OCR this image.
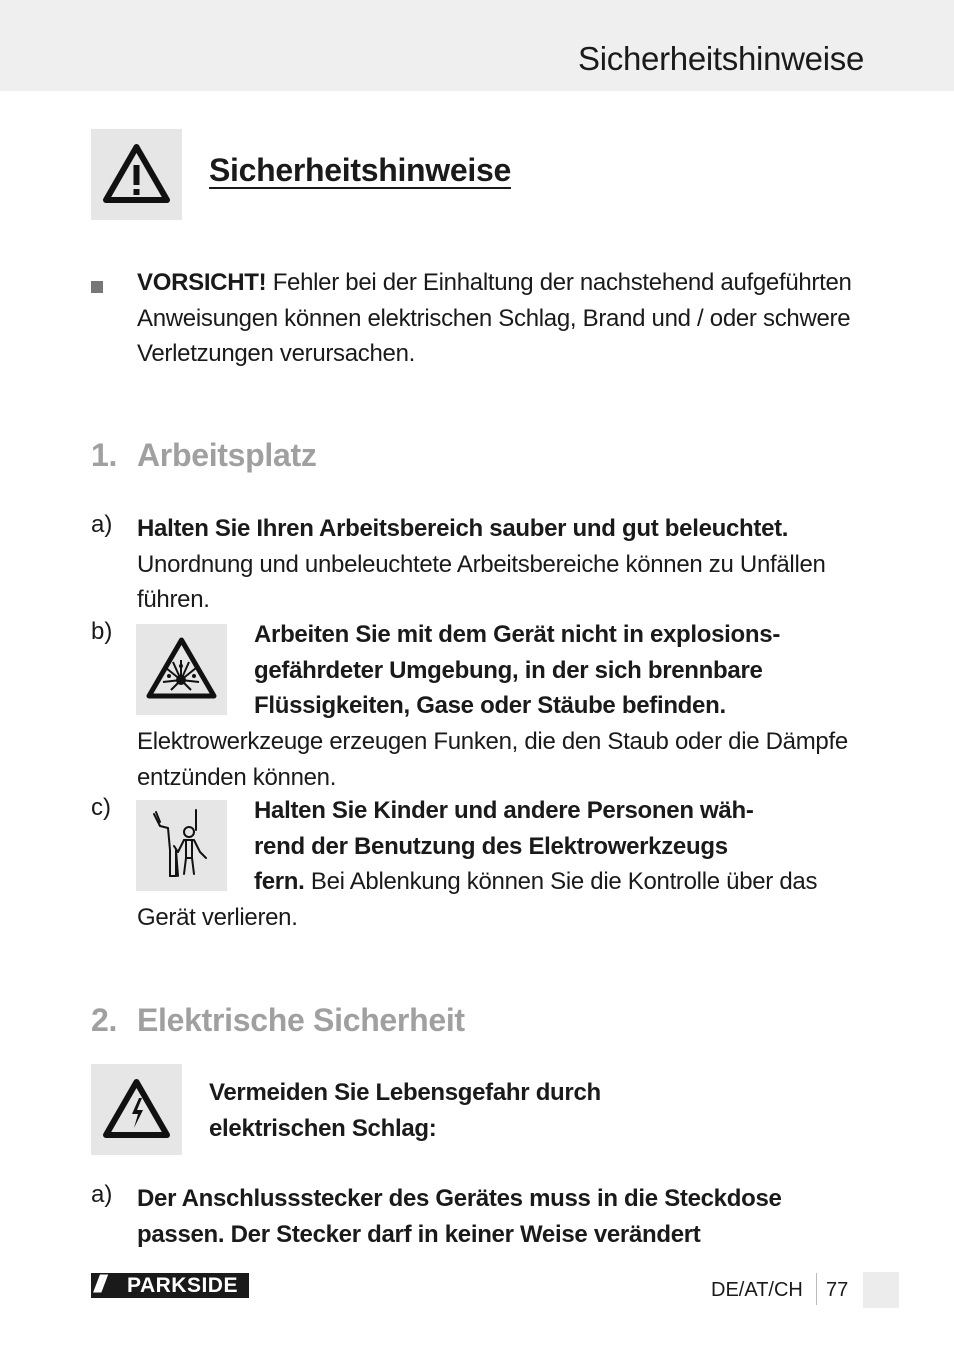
Sicherheitshinweise
Sicherheitshinweise
VORSICHT! Fehler bei der Einhaltung der nachstehend aufgeführten
Anweisungen können elektrischen Schlag, Brand und / oder schwere
Verletzungen verursachen.
1. Arbeitsplatz
a) Halten Sie Ihren Arbeitsbereich sauber und gut beleuchtet.
Unordnung und unbeleuchtete Arbeitsbereiche können zu Unfällen
führen.
b)	Arbeiten Sie mit dem Gerät nicht in explosions-
gefährdeter Umgebung, in der sich brennbare
Flüssigkeiten, Gase oder Stäube befinden.
Elektrowerkzeuge erzeugen Funken, die den Staub oder die Dämpfe
entzünden können.
c)	Halten Sie Kinder und andere Personen wäh-
rend der Benutzung des Elektrowerkzeugs
fern. Bei Ablenkung können Sie die Kontrolle über das
Gerät verlieren.
2. Elektrische Sicherheit
Vermeiden Sie Lebensgefahr durch
elektrischen Schlag:
a) Der Anschlussstecker des Gerätes muss in die Steckdose
passen. Der Stecker darf in keiner Weise verändert
/// PARKSIDE	DE/AT/CH 77
